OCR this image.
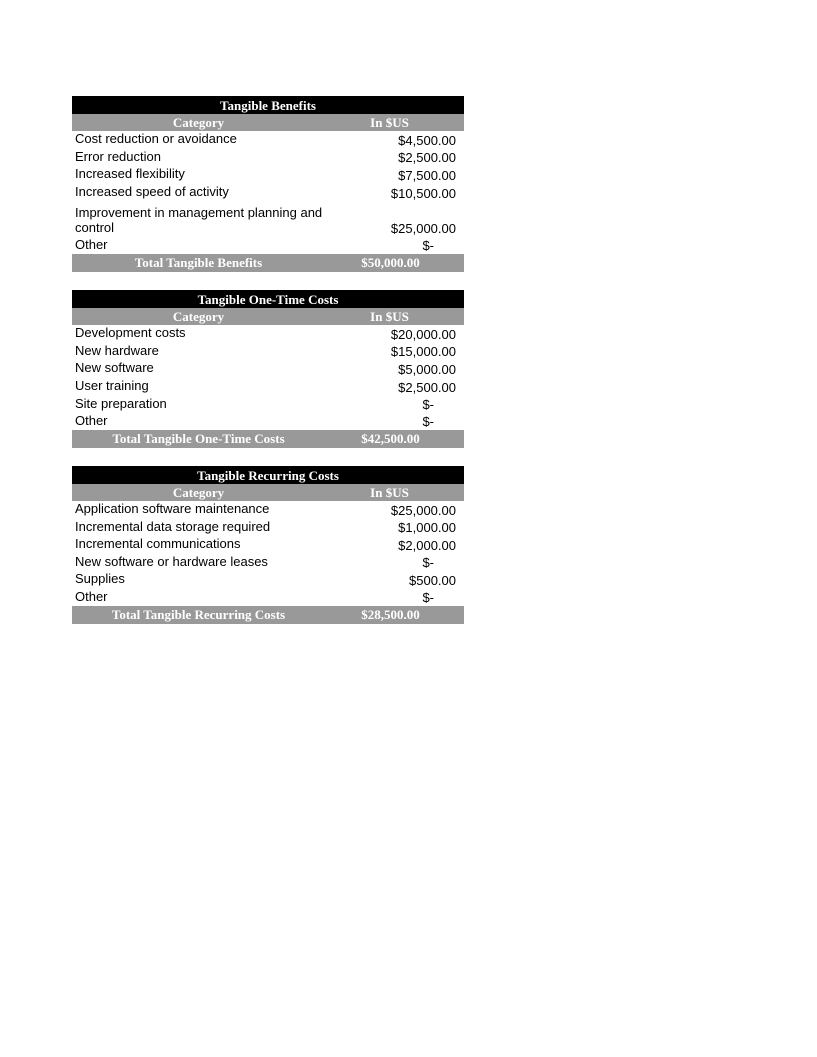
Tangible Benefits
Category	In $US
Cost reduction or avoidance	$4,500.00
Error reduction	$2,500.00
Increased flexibility	$7,500.00
Increased speed of activity	$10,500.00
Improvement in management planning and control	$25,000.00
Other	$-
Total Tangible Benefits	$50,000.00
Tangible One-Time Costs
Category	In $US
Development costs	$20,000.00
New hardware	$15,000.00
New software	$5,000.00
User training	$2,500.00
Site preparation	$-
Other	$-
Total Tangible One-Time Costs	$42,500.00
Tangible Recurring Costs
Category	In $US
Application software maintenance	$25,000.00
Incremental data storage required	$1,000.00
Incremental communications	$2,000.00
New software or hardware leases	$-
Supplies	$500.00
Other	$-
Total Tangible Recurring Costs	$28,500.00
